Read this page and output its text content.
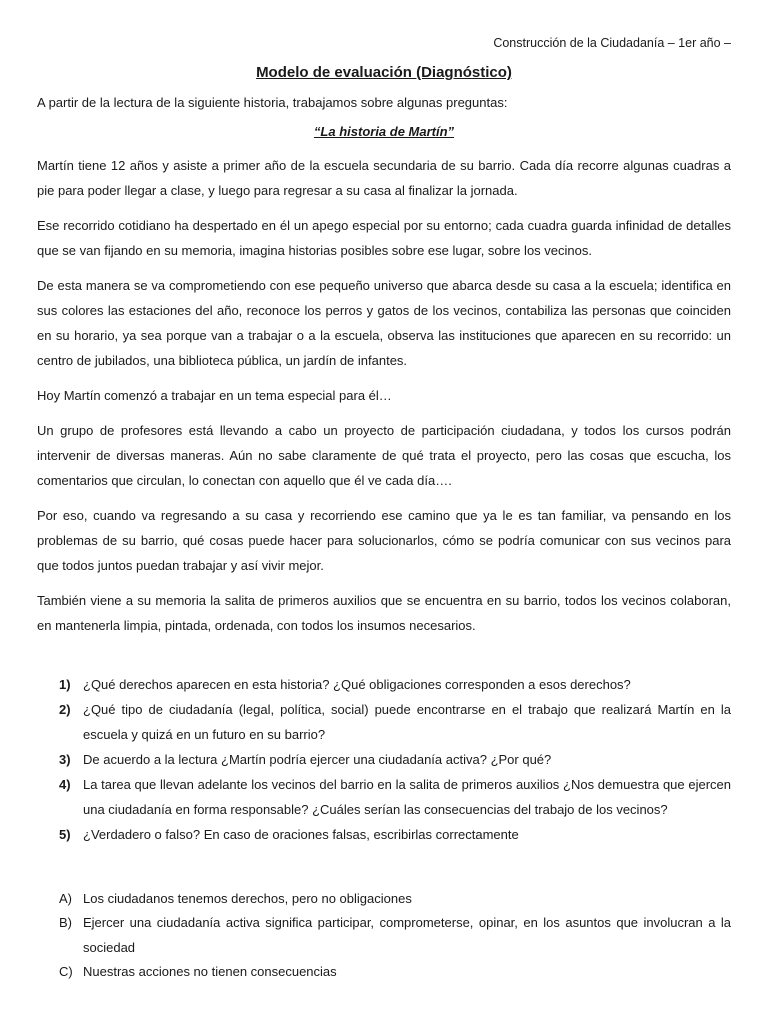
Construcción de la Ciudadanía – 1er año –
Modelo de evaluación (Diagnóstico)
A partir de la lectura de la siguiente historia, trabajamos sobre algunas preguntas:
“La historia de Martín”

Martín tiene 12 años y asiste a primer año de la escuela secundaria de su barrio. Cada día recorre algunas cuadras a pie para poder llegar a clase, y luego para regresar a su casa al finalizar la jornada.

Ese recorrido cotidiano ha despertado en él un apego especial por su entorno; cada cuadra guarda infinidad de detalles que se van fijando en su memoria, imagina historias posibles sobre ese lugar, sobre los vecinos.

De esta manera se va comprometiendo con ese pequeño universo que abarca desde su casa a la escuela; identifica en sus colores las estaciones del año, reconoce los perros y gatos de los vecinos, contabiliza las personas que coinciden en su horario, ya sea porque van a trabajar o a la escuela, observa las instituciones que aparecen en su recorrido: un centro de jubilados, una biblioteca pública, un jardín de infantes.

Hoy Martín comenzó a trabajar en un tema especial para él…

Un grupo de profesores está llevando a cabo un proyecto de participación ciudadana, y todos los cursos podrán intervenir de diversas maneras. Aún no sabe claramente de qué trata el proyecto, pero las cosas que escucha, los comentarios que circulan, lo conectan con aquello que él ve cada día….

Por eso, cuando va regresando a su casa y recorriendo ese camino que ya le es tan familiar, va pensando en los problemas de su barrio, qué cosas puede hacer para solucionarlos, cómo se podría comunicar con sus vecinos para que todos juntos puedan trabajar y así vivir mejor.

También viene a su memoria la salita de primeros auxilios que se encuentra en su barrio, todos los vecinos colaboran, en mantenerla limpia, pintada, ordenada, con todos los insumos necesarios.

1) ¿Qué derechos aparecen en esta historia? ¿Qué obligaciones corresponden a esos derechos?
2) ¿Qué tipo de ciudadanía (legal, política, social) puede encontrarse en el trabajo que realizará Martín en la escuela y quizá en un futuro en su barrio?
3) De acuerdo a la lectura ¿Martín podría ejercer una ciudadanía activa? ¿Por qué?
4) La tarea que llevan adelante los vecinos del barrio en la salita de primeros auxilios ¿Nos demuestra que ejercen una ciudadanía en forma responsable? ¿Cuáles serían las consecuencias del trabajo de los vecinos?
5) ¿Verdadero o falso? En caso de oraciones falsas, escribirlas correctamente
A) Los ciudadanos tenemos derechos, pero no obligaciones
B) Ejercer una ciudadanía activa significa participar, comprometerse, opinar, en los asuntos que involucran a la sociedad
C) Nuestras acciones no tienen consecuencias
